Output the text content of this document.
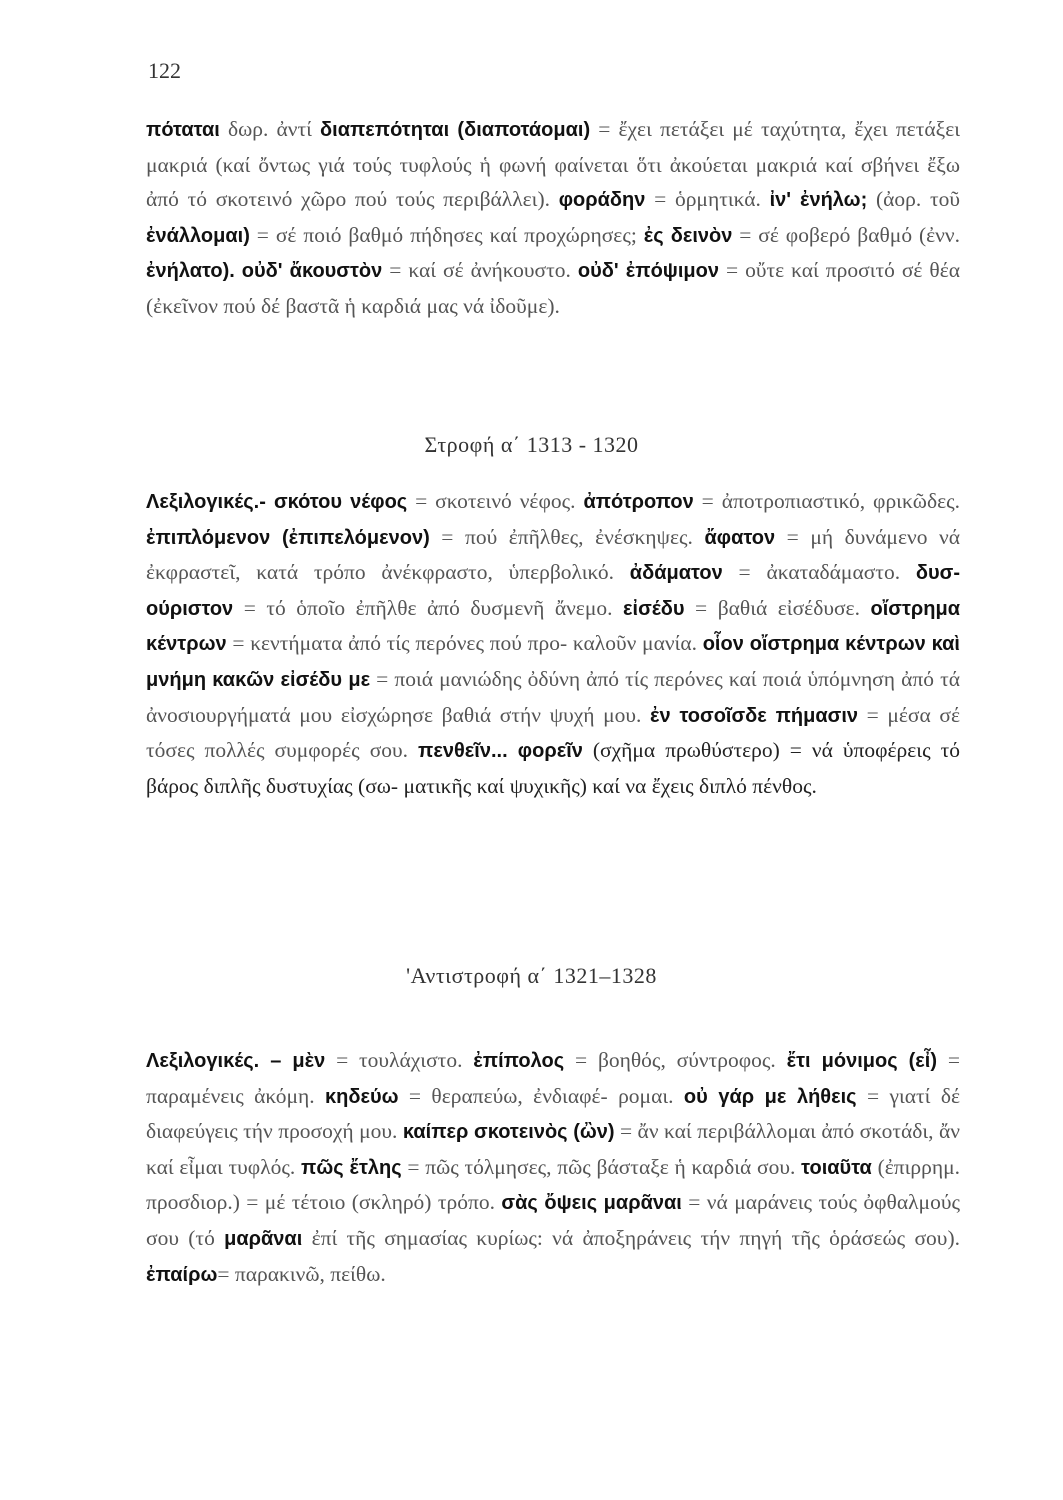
122
πόταται δωρ. ἀντί διαπεπότηται (διαποτάομαι) = ἔχει πετάξει μέ ταχύτητα, ἔχει πετάξει μακριά (καί ὄντως γιά τούς τυφλούς ἡ φωνή φαίνεται ὅτι ἀκούεται μακριά καί σβήνει ἔξω ἀπό τό σκοτεινό χῶρο πού τούς περιβάλλει). φοράδην = ὁρμητικά. ἰν' ἐνήλω; (ἀορ. τοῦ ἐνάλλομαι) = σέ ποιό βαθμό πήδησες καί προχώρησες; ἐς δεινὸν = σέ φοβερό βαθμό (ἐνν. ἐνήλατο). οὐδ' ἄκουστὸν = καί σέ ἀνήκουστο. οὐδ' ἐπόψιμον = οὔτε καί προσιτό σέ θέα (ἐκεῖνον πού δέ βαστᾶ ἡ καρδιά μας νά ἰδοῦμε).
Στροφή α΄ 1313 - 1320
Λεξιλογικές.- σκότου νέφος = σκοτεινό νέφος. ἀπότροπον = ἀποτροπιαστικό, φρικῶδες. ἐπιπλόμενον (ἐπιπελόμενον) = πού ἐπῆλθες, ἐνέσκηψες. ἄφατον = μή δυνάμενο νά ἐκφραστεῖ, κατά τρόπο ἀνέκφραστο, ὑπερβολικό. ἀδάματον = ἀκαταδάμαστο. δυσ- ούριστον = τό ὁποῖο ἐπῆλθε ἀπό δυσμενῆ ἄνεμο. εἰσέδυ = βαθιά εἰσέδυσε. οἴστρημα κέντρων = κεντήματα ἀπό τίς περόνες πού προ- καλοῦν μανία. οἷον οἴστρημα κέντρων καὶ μνήμη κακῶν εἰσέδυ με = ποιά μανιώδης ὀδύνη ἀπό τίς περόνες καί ποιά ὑπόμνηση ἀπό τά ἀνοσιουργήματά μου εἰσχώρησε βαθιά στήν ψυχή μου. ἐν τοσοῖσδε πήμασιν = μέσα σέ τόσες πολλές συμφορές σου. πενθεῖν... φορεῖν (σχῆμα πρωθύστερο) = νά ὑποφέρεις τό βάρος διπλῆς δυστυχίας (σω- ματικῆς καί ψυχικῆς) καί να ἔχεις διπλό πένθος.
'Αντιστροφή α΄ 1321–1328
Λεξιλογικές. – μὲν = τουλάχιστο. ἐπίπολος = βοηθός, σύντροφος. ἔτι μόνιμος (εἶ) = παραμένεις ἀκόμη. κηδεύω = θεραπεύω, ἐνδιαφέ- ρομαι. οὐ γάρ με λήθεις = γιατί δέ διαφεύγεις τήν προσοχή μου. καίπερ σκοτεινὸς (ὢν) = ἄν καί περιβάλλομαι ἀπό σκοτάδι, ἄν καί εἶμαι τυφλός. πῶς ἔτλης = πῶς τόλμησες, πῶς βάσταξε ἡ καρδιά σου. τοιαῦτα (ἐπιρρημ. προσδιορ.) = μέ τέτοιο (σκληρό) τρόπο. σὰς ὄψεις μαρᾶναι = νά μαράνεις τούς ὀφθαλμούς σου (τό μαρᾶναι ἐπί τῆς σημασίας κυρίως: νά ἀποξηράνεις τήν πηγή τῆς ὁράσεώς σου). ἐπαίρω= παρακινῶ, πείθω.
